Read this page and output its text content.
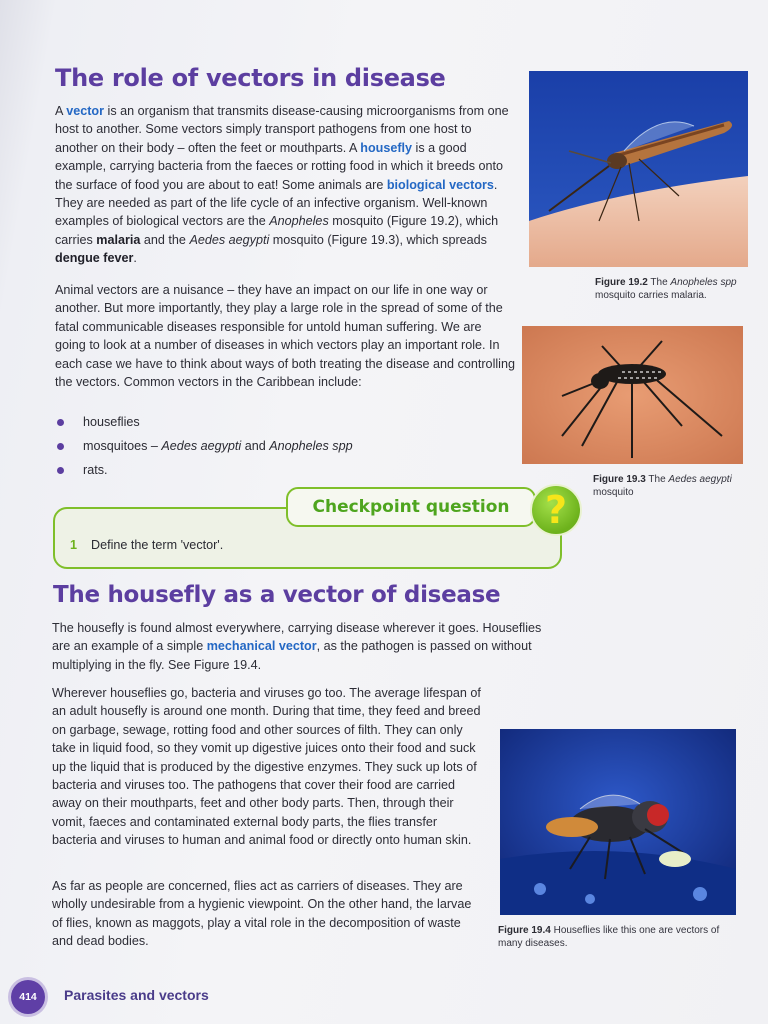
The role of vectors in disease

A vector is an organism that transmits disease-causing microorganisms from one host to another. Some vectors simply transport pathogens from one host to another on their body – often the feet or mouthparts. A housefly is a good example, carrying bacteria from the faeces or rotting food in which it breeds onto the surface of food you are about to eat! Some animals are biological vectors. They are needed as part of the life cycle of an infective organism. Well-known examples of biological vectors are the Anopheles mosquito (Figure 19.2), which carries malaria and the Aedes aegypti mosquito (Figure 19.3), which spreads dengue fever.

Animal vectors are a nuisance – they have an impact on our life in one way or another. But more importantly, they play a large role in the spread of some of the fatal communicable diseases responsible for untold human suffering. We are going to look at a number of diseases in which vectors play an important role. In each case we have to think about ways of both treating the disease and controlling the vectors. Common vectors in the Caribbean include:

houseflies
mosquitoes – Aedes aegypti and Anopheles spp
rats.

Figure 19.2 The Anopheles spp mosquito carries malaria.

Figure 19.3 The Aedes aegypti mosquito

Checkpoint question ?
1 Define the term 'vector'.
The housefly as a vector of disease

The housefly is found almost everywhere, carrying disease wherever it goes. Houseflies are an example of a simple mechanical vector, as the pathogen is passed on without multiplying in the fly. See Figure 19.4.

Wherever houseflies go, bacteria and viruses go too. The average lifespan of an adult housefly is around one month. During that time, they feed and breed on garbage, sewage, rotting food and other sources of filth. They can only take in liquid food, so they vomit up digestive juices onto their food and suck up the liquid that is produced by the digestive enzymes. They suck up lots of bacteria and viruses too. The pathogens that cover their food are carried away on their mouthparts, feet and other body parts. Then, through their vomit, faeces and contaminated external body parts, the flies transfer bacteria and viruses to human and animal food or directly onto human skin.

As far as people are concerned, flies act as carriers of diseases. They are wholly undesirable from a hygienic viewpoint. On the other hand, the larvae of flies, known as maggots, play a vital role in the decomposition of waste and dead bodies.

Figure 19.4 Houseflies like this one are vectors of many diseases.

414	Parasites and vectors
